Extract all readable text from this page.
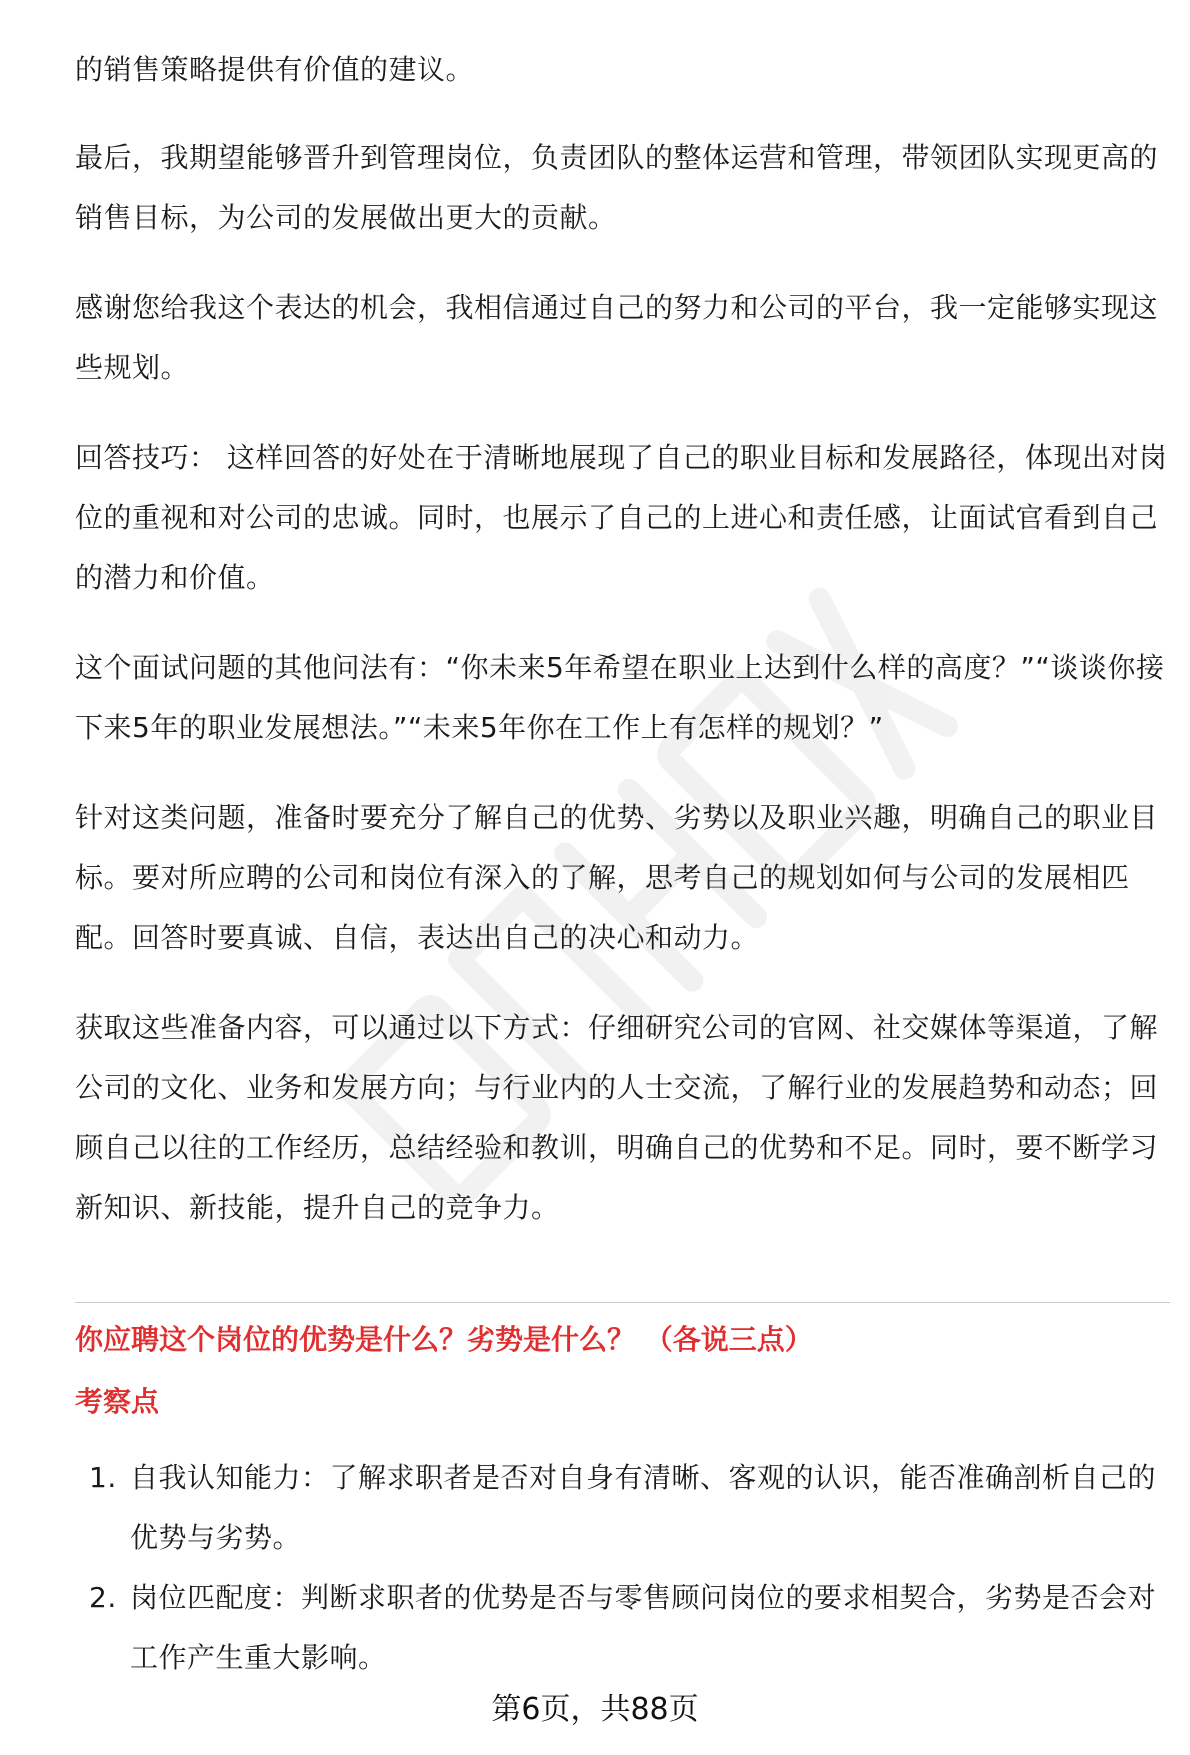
的销售策略提供有价值的建议。

最后，我期望能够晋升到管理岗位，负责团队的整体运营和管理，带领团队实现更高的销售目标，为公司的发展做出更大的贡献。

感谢您给我这个表达的机会，我相信通过自己的努力和公司的平台，我一定能够实现这些规划。

回答技巧： 这样回答的好处在于清晰地展现了自己的职业目标和发展路径，体现出对岗位的重视和对公司的忠诚。同时，也展示了自己的上进心和责任感，让面试官看到自己的潜力和价值。

这个面试问题的其他问法有：“你未来5年希望在职业上达到什么样的高度？”“谈谈你接下来5年的职业发展想法。”“未来5年你在工作上有怎样的规划？”

针对这类问题，准备时要充分了解自己的优势、劣势以及职业兴趣，明确自己的职业目标。要对所应聘的公司和岗位有深入的了解，思考自己的规划如何与公司的发展相匹配。回答时要真诚、自信，表达出自己的决心和动力。

获取这些准备内容，可以通过以下方式：仔细研究公司的官网、社交媒体等渠道，了解公司的文化、业务和发展方向；与行业内的人士交流，了解行业的发展趋势和动态；回顾自己以往的工作经历，总结经验和教训，明确自己的优势和不足。同时，要不断学习新知识、新技能，提升自己的竞争力。

你应聘这个岗位的优势是什么？劣势是什么？ （各说三点）
考察点
1. 自我认知能力：了解求职者是否对自身有清晰、客观的认识，能否准确剖析自己的优势与劣势。
2. 岗位匹配度：判断求职者的优势是否与零售顾问岗位的要求相契合，劣势是否会对工作产生重大影响。
第6页，共88页
